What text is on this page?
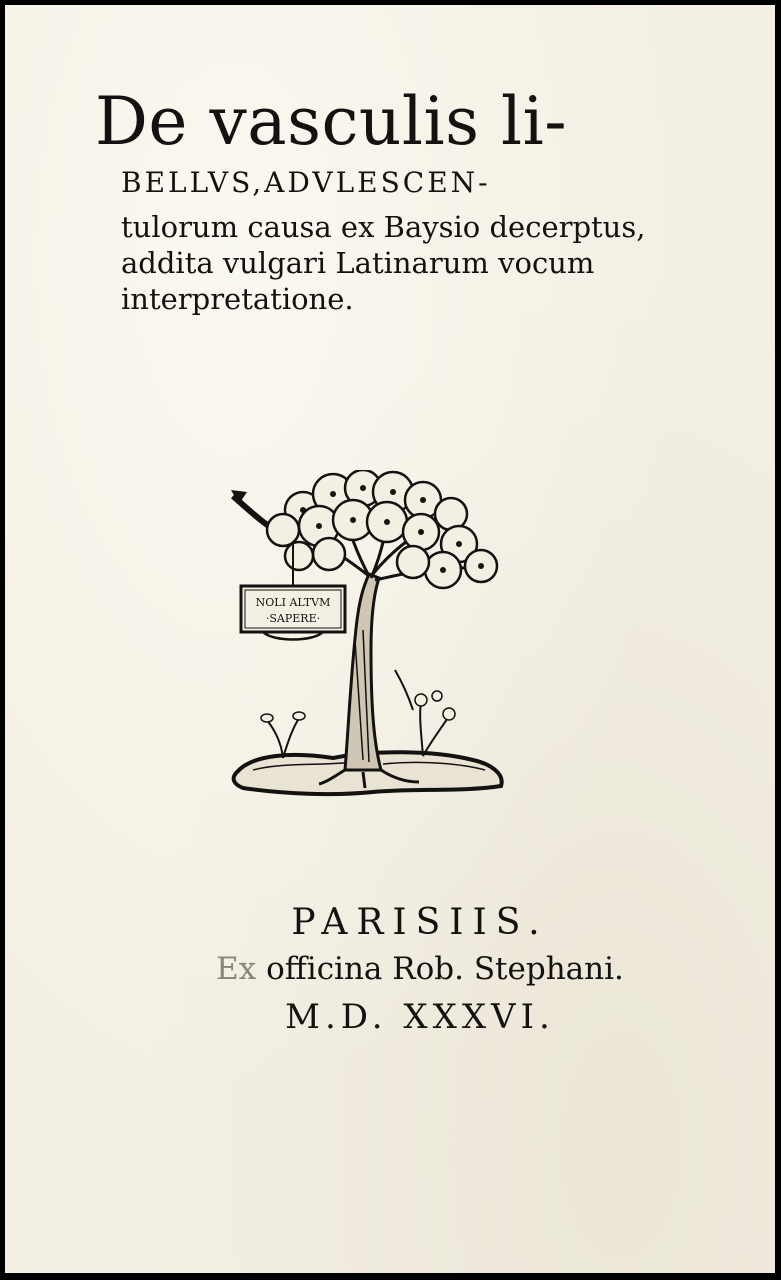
De vasculis li-
BELLVS,ADVLESCEN-
tulorum causa ex Baysio decerptus,
addita vulgari Latinarum vocum
interpretatione.
NOLI ALTVM
·SAPERE·
PARISIIS.
Ex officina Rob. Stephani.
M.D. XXXVI.
